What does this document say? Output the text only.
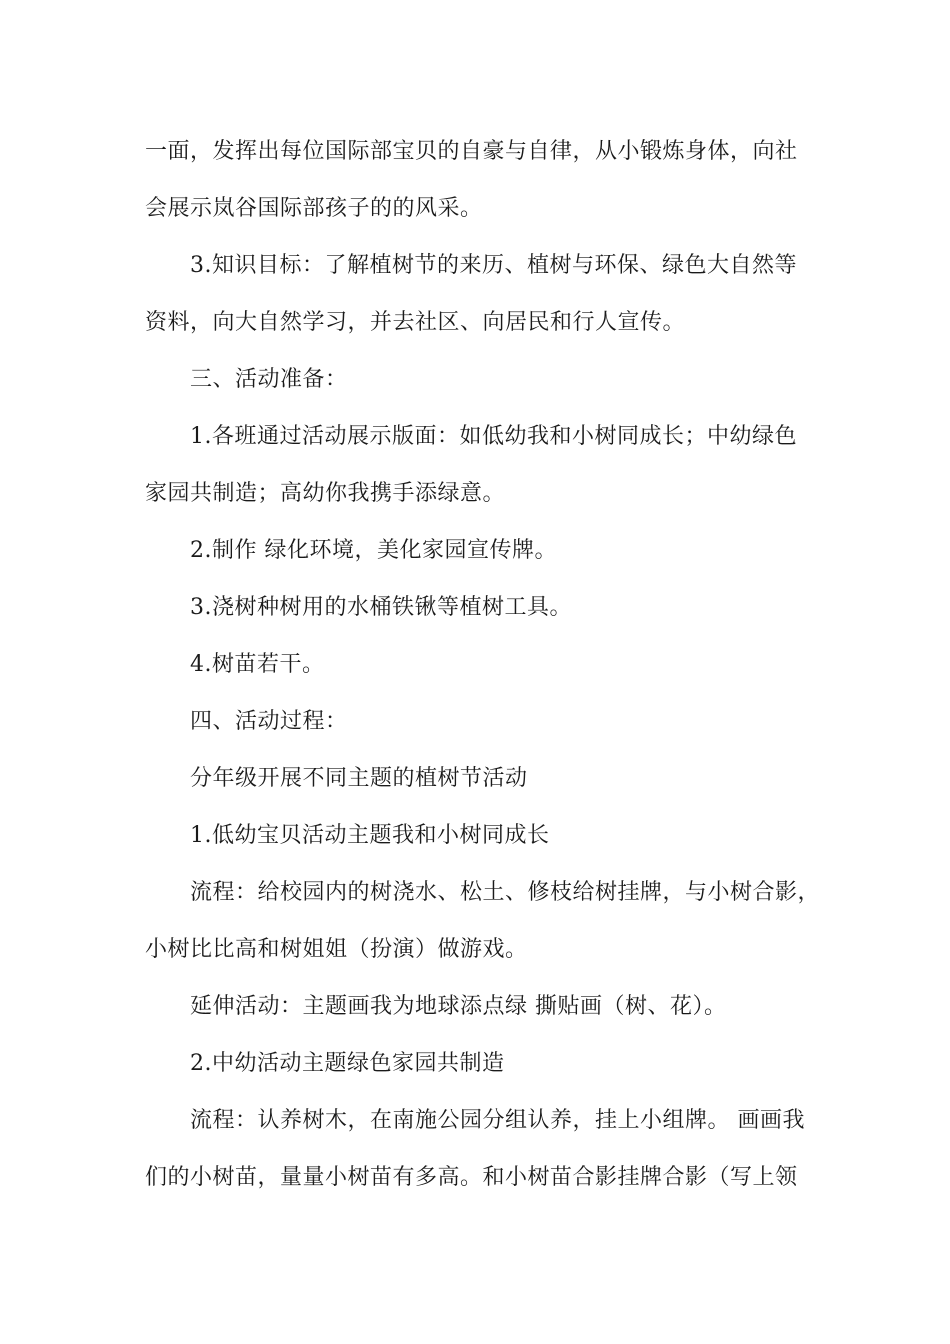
一面，发挥出每位国际部宝贝的自豪与自律，从小锻炼身体，向社
会展示岚谷国际部孩子的的风采。
3.知识目标：了解植树节的来历、植树与环保、绿色大自然等
资料，向大自然学习，并去社区、向居民和行人宣传。
三、活动准备：
1.各班通过活动展示版面：如低幼我和小树同成长；中幼绿色
家园共制造；高幼你我携手添绿意。
2.制作 绿化环境，美化家园宣传牌。
3.浇树种树用的水桶铁锹等植树工具。
4.树苗若干。
四、活动过程：
分年级开展不同主题的植树节活动
1.低幼宝贝活动主题我和小树同成长
流程：给校园内的树浇水、松土、修枝给树挂牌，与小树合影，
小树比比高和树姐姐（扮演）做游戏。
延伸活动：主题画我为地球添点绿 撕贴画（树、花）。
2.中幼活动主题绿色家园共制造
流程：认养树木，在南施公园分组认养，挂上小组牌。 画画我
们的小树苗，量量小树苗有多高。和小树苗合影挂牌合影（写上领
